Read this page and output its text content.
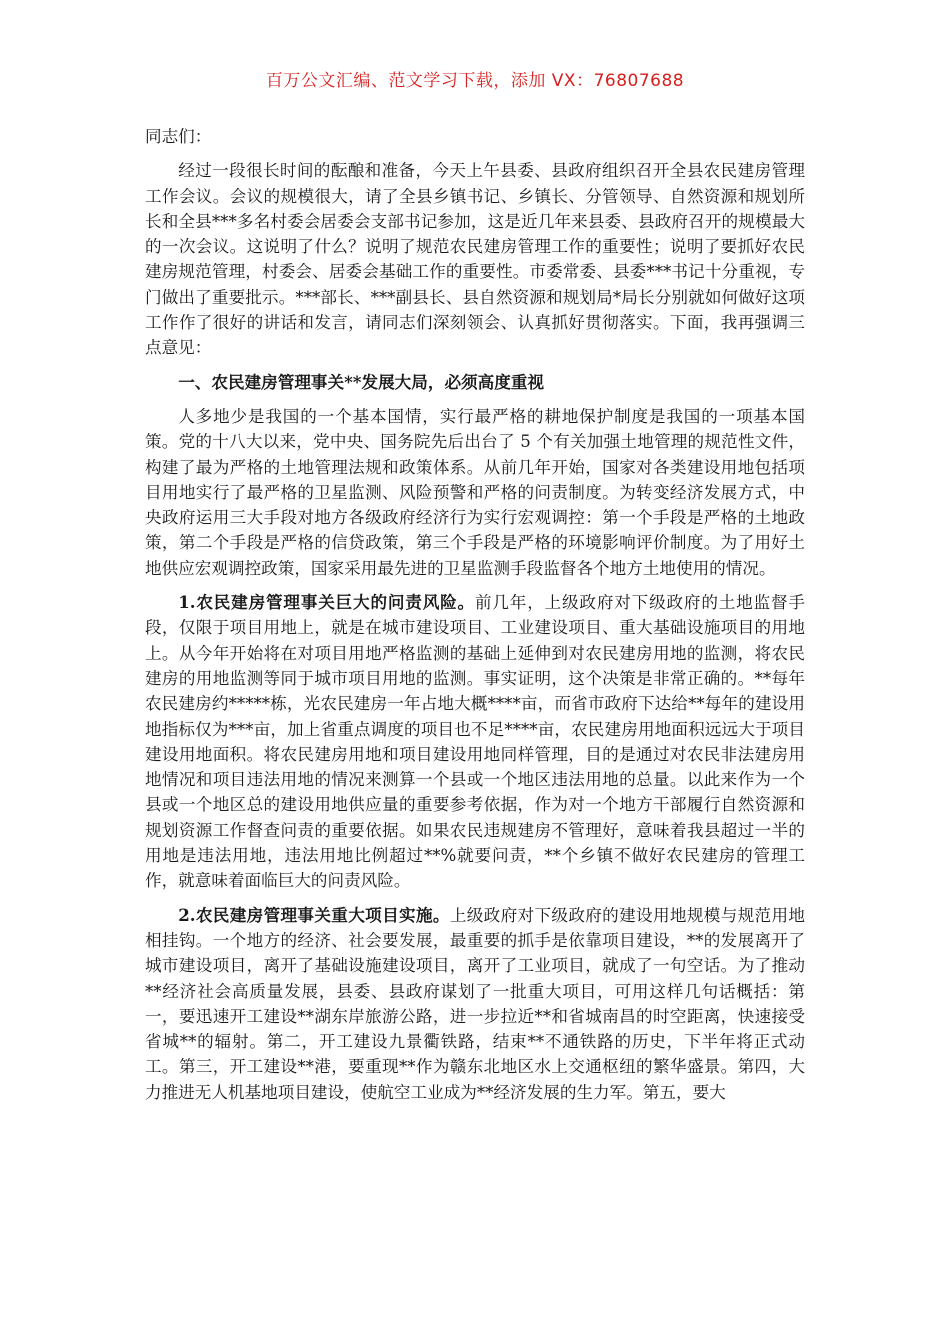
百万公文汇编、范文学习下载，添加 VX：76807688

同志们：

经过一段很长时间的酝酿和准备，今天上午县委、县政府组织召开全县农民建房管理工作会议。会议的规模很大，请了全县乡镇书记、乡镇长、分管领导、自然资源和规划所长和全县***多名村委会居委会支部书记参加，这是近几年来县委、县政府召开的规模最大的一次会议。这说明了什么？说明了规范农民建房管理工作的重要性；说明了要抓好农民建房规范管理，村委会、居委会基础工作的重要性。市委常委、县委***书记十分重视，专门做出了重要批示。***部长、***副县长、县自然资源和规划局*局长分别就如何做好这项工作作了很好的讲话和发言，请同志们深刻领会、认真抓好贯彻落实。下面，我再强调三点意见：

一、农民建房管理事关**发展大局，必须高度重视

人多地少是我国的一个基本国情，实行最严格的耕地保护制度是我国的一项基本国策。党的十八大以来，党中央、国务院先后出台了 5 个有关加强土地管理的规范性文件，构建了最为严格的土地管理法规和政策体系。从前几年开始，国家对各类建设用地包括项目用地实行了最严格的卫星监测、风险预警和严格的问责制度。为转变经济发展方式，中央政府运用三大手段对地方各级政府经济行为实行宏观调控：第一个手段是严格的土地政策，第二个手段是严格的信贷政策，第三个手段是严格的环境影响评价制度。为了用好土地供应宏观调控政策，国家采用最先进的卫星监测手段监督各个地方土地使用的情况。

1.农民建房管理事关巨大的问责风险。前几年，上级政府对下级政府的土地监督手段，仅限于项目用地上，就是在城市建设项目、工业建设项目、重大基础设施项目的用地上。从今年开始将在对项目用地严格监测的基础上延伸到对农民建房用地的监测，将农民建房的用地监测等同于城市项目用地的监测。事实证明，这个决策是非常正确的。**每年农民建房约*****栋，光农民建房一年占地大概****亩，而省市政府下达给**每年的建设用地指标仅为***亩，加上省重点调度的项目也不足****亩，农民建房用地面积远远大于项目建设用地面积。将农民建房用地和项目建设用地同样管理，目的是通过对农民非法建房用地情况和项目违法用地的情况来测算一个县或一个地区违法用地的总量。以此来作为一个县或一个地区总的建设用地供应量的重要参考依据，作为对一个地方干部履行自然资源和规划资源工作督查问责的重要依据。如果农民违规建房不管理好，意味着我县超过一半的用地是违法用地，违法用地比例超过**%就要问责，**个乡镇不做好农民建房的管理工作，就意味着面临巨大的问责风险。

2.农民建房管理事关重大项目实施。上级政府对下级政府的建设用地规模与规范用地相挂钩。一个地方的经济、社会要发展，最重要的抓手是依靠项目建设，**的发展离开了城市建设项目，离开了基础设施建设项目，离开了工业项目，就成了一句空话。为了推动**经济社会高质量发展，县委、县政府谋划了一批重大项目，可用这样几句话概括：第一，要迅速开工建设**湖东岸旅游公路，进一步拉近**和省城南昌的时空距离，快速接受省城**的辐射。第二，开工建设九景衢铁路，结束**不通铁路的历史，下半年将正式动工。第三，开工建设**港，要重现**作为赣东北地区水上交通枢纽的繁华盛景。第四，大力推进无人机基地项目建设，使航空工业成为**经济发展的生力军。第五，要大
